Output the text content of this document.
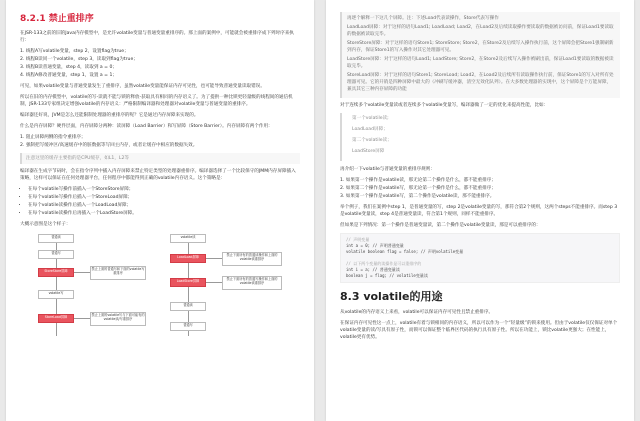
8.2.1 禁止重排序

在JSR-133之前的旧的Java内存模型中，是允许volatile变量与普通变量重排序的。那上面的案例中，可能就会被重排序成下列时序来执行：

1. 线程A写volatile变量，step 2，设置flag为true；
2. 线程B读同一个volatile，step 3，读取到flag为true；
3. 线程B读普通变量，step 4，读取到 a = 0；
4. 线程A修改普通变量，step 1，设置 a = 1；

可见，如果volatile变量与普通变量发生了重排序，虽然volatile变量能保证内存可见性，也可能导致普通变量读取错误。

所以在旧的内存模型中，volatile的写-读就不能与锁的释放-获取具有相同的内存语义了。为了提供一种比锁更轻量级的线程间的通信机制，JSR-133专家组决定增强volatile的内存语义：严格限制编译器和处理器对volatile变量与普通变量的重排序。

编译器还好说，JVM是怎么还能限制处理器的重排序的呢？它是通过内存屏障来实现的。

什么是内存屏障？硬件层面，内存屏障分两种：读屏障（Load Barrier）和写屏障（Store Barrier）。内存屏障有两个作用：

1. 阻止屏障两侧的指令重排序；
2. 强制把写缓冲区/高速缓存中的脏数据等写回主内存，或者让缓存中相应的数据失效。
注意这里的缓存主要指的是CPU缓存，如L1，L2等

编译器在生成字节码时，会在指令序列中插入内存屏障来禁止特定类型的处理器重排序。编译器选择了一个比较保守的JMM内存屏障插入策略，这样可以保证在任何处理器平台，任何程序中都能得到正确的volatile内存语义。这个策略是：

• 在每个volatile写操作前插入一个StoreStore屏障；
• 在每个volatile写操作后插入一个StoreLoad屏障；
• 在每个volatile读操作后插入一个LoadLoad屏障；
• 在每个volatile读操作后再插入一个LoadStore屏障。

大概示意图是这个样子：

普通读
普通写
StoreStore屏障
volatile写
StoreLoad屏障
禁止上面的普通写和下面的volatile写重排序
禁止上面的volatile写与下面可能有的volatile读/写重排序
volatile读
LoadLoad屏障
LoadStore屏障
普通读
普通写
禁止下面所有的普通读操作和上面的volatile读重排序
禁止下面所有的普通写操作和上面的volatile读重排序

再逐个解释一下这几个屏障。注：下述Load代表读操作，Store代表写操作

LoadLoad屏障：对于这样的语句Load1; LoadLoad; Load2，在Load2及后续读取操作要读取的数据被访问前，保证Load1要读取的数据被读取完毕。

StoreStore屏障：对于这样的语句Store1; StoreStore; Store2，在Store2及后续写入操作执行前，这个屏障会把Store1强制刷新到内存，保证Store1的写入操作对其它处理器可见。

LoadStore屏障：对于这样的语句Load1; LoadStore; Store2，在Store2及后续写入操作被刷出前，保证Load1要读取的数据被读取完毕。

StoreLoad屏障：对于这样的语句Store1; StoreLoad; Load2，在Load2及后续所有读取操作执行前，保证Store1的写入对所有处理器可见。它的开销是四种屏障中最大的（冲刷写缓冲器，清空无效化队列）。在大多数处理器的实现中，这个屏障是个万能屏障，兼具其它三种内存屏障的功能

对于连续多个volatile变量读或者连续多个volatile变量写，编译器做了一定的优化来提高性能，比如：

第一个volatile读;
LoadLoad屏障；
第二个volatile读；
LoadStore屏障

再介绍一下volatile与普通变量的重排序规则：

1. 如果第一个操作是volatile读，那无论第二个操作是什么，都不能重排序；
2. 如果第二个操作是volatile写，那无论第一个操作是什么，都不能重排序；
3. 如果第一个操作是volatile写，第二个操作是volatile读，那不能重排序。

举个例子，我们在案例中step 1，是普通变量的写，step 2是volatile变量的写，那符合第2个规则，这两个steps不能重排序。而step 3是volatile变量读，step 4是普通变量读，符合第1个规则，同样不能重排序。

但如果是下列情况：第一个操作是普通变量读，第二个操作是volatile变量读，那是可以重排序的：

// 声明变量
int a = 0; // 声明普通变量
volatile boolean flag = false; // 声明volatile变量

// 以下两个变量的读操作是可以重排序的
int i = a; // 普通变量读
boolean j = flag; // volatile变量读
8.3 volatile的用途

从volatile的内存语义上来看，volatile可以保证内存可见性且禁止重排序。

在保证内存可见性这一点上，volatile有着与锁相同的内存语义，所以可以作为一个“轻量级”的锁来使用。但由于volatile仅仅保证对单个volatile变量的读/写具有原子性，而锁可以保证整个临界区代码的执行具有原子性。所以在功能上，锁比volatile更强大；在性能上，volatile更有优势。
